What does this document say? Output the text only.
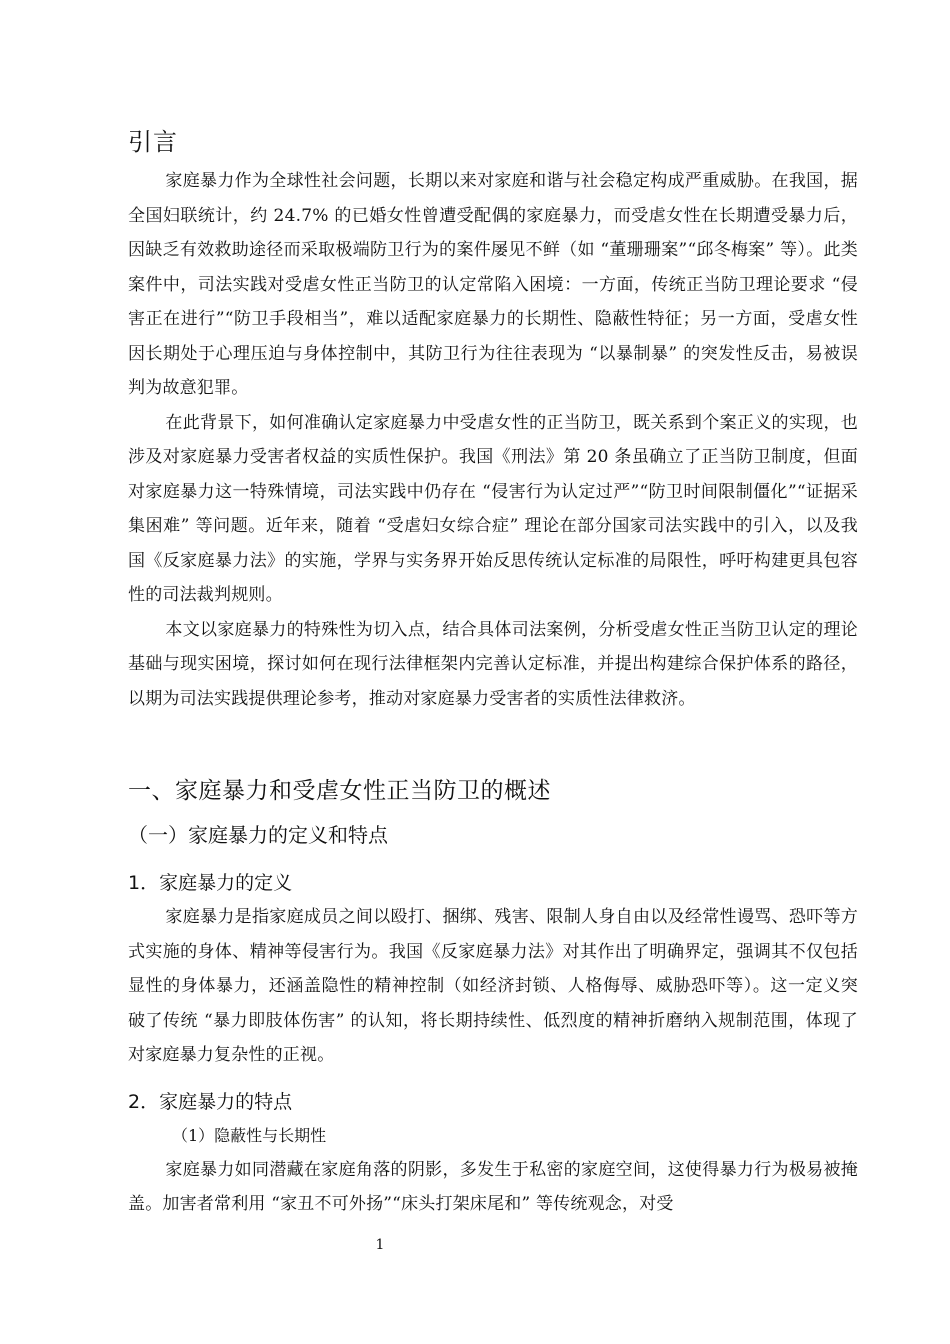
引言

家庭暴力作为全球性社会问题，长期以来对家庭和谐与社会稳定构成严重威胁。在我国，据全国妇联统计，约 24.7% 的已婚女性曾遭受配偶的家庭暴力，而受虐女性在长期遭受暴力后，因缺乏有效救助途径而采取极端防卫行为的案件屡见不鲜（如 “董珊珊案”“邱冬梅案” 等）。此类案件中，司法实践对受虐女性正当防卫的认定常陷入困境：一方面，传统正当防卫理论要求 “侵害正在进行”“防卫手段相当”，难以适配家庭暴力的长期性、隐蔽性特征；另一方面，受虐女性因长期处于心理压迫与身体控制中，其防卫行为往往表现为 “以暴制暴” 的突发性反击，易被误判为故意犯罪。

在此背景下，如何准确认定家庭暴力中受虐女性的正当防卫，既关系到个案正义的实现，也涉及对家庭暴力受害者权益的实质性保护。我国《刑法》第 20 条虽确立了正当防卫制度，但面对家庭暴力这一特殊情境，司法实践中仍存在 “侵害行为认定过严”“防卫时间限制僵化”“证据采集困难” 等问题。近年来，随着 “受虐妇女综合症” 理论在部分国家司法实践中的引入，以及我国《反家庭暴力法》的实施，学界与实务界开始反思传统认定标准的局限性，呼吁构建更具包容性的司法裁判规则。

本文以家庭暴力的特殊性为切入点，结合具体司法案例，分析受虐女性正当防卫认定的理论基础与现实困境，探讨如何在现行法律框架内完善认定标准，并提出构建综合保护体系的路径，以期为司法实践提供理论参考，推动对家庭暴力受害者的实质性法律救济。

一、家庭暴力和受虐女性正当防卫的概述
（一）家庭暴力的定义和特点
1．家庭暴力的定义

家庭暴力是指家庭成员之间以殴打、捆绑、残害、限制人身自由以及经常性谩骂、恐吓等方式实施的身体、精神等侵害行为。我国《反家庭暴力法》对其作出了明确界定，强调其不仅包括显性的身体暴力，还涵盖隐性的精神控制（如经济封锁、人格侮辱、威胁恐吓等）。这一定义突破了传统 “暴力即肢体伤害” 的认知，将长期持续性、低烈度的精神折磨纳入规制范围，体现了对家庭暴力复杂性的正视。

2．家庭暴力的特点

（1）隐蔽性与长期性

家庭暴力如同潜藏在家庭角落的阴影，多发生于私密的家庭空间，这使得暴力行为极易被掩盖。加害者常利用 “家丑不可外扬”“床头打架床尾和” 等传统观念，对受

1
